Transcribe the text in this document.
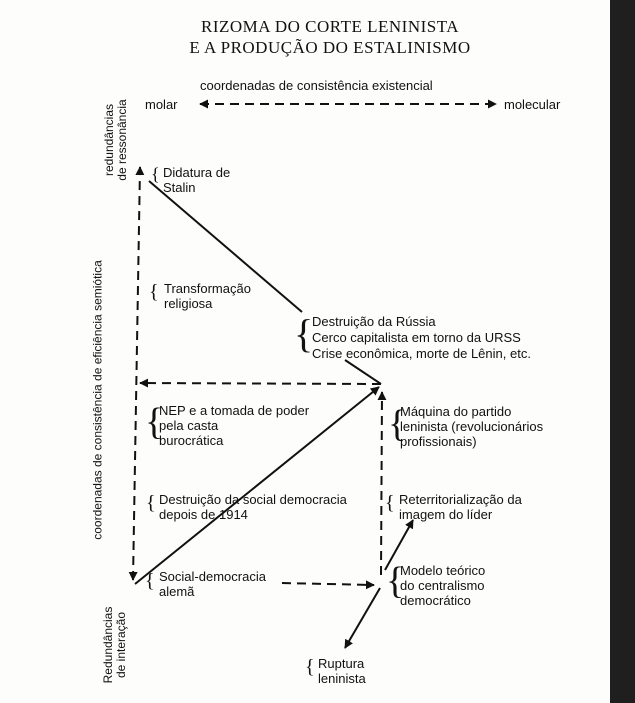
RIZOMA DO CORTE LENINISTA
E A PRODUÇÃO DO ESTALINISMO
coordenadas de consistência existencial
molar	molecular
coordenadas de consistência de eficiência semiótica
redundâncias de ressonância
Redundâncias de interação
{ Didatura de
Stalin
{ Transformação
religiosa
{
Destruição da Rússia
Cerco capitalista em torno da URSS
Crise econômica, morte de Lênin, etc.
{
NEP e a tomada de poder
pela casta
burocrática	{
Máquina do partido
leninista (revolucionários
profissionais)
{ Destruição da social democracia
depois de 1914
{ Reterritorialização da
imagem do líder
{ Social-democracia
alemã	{
Modelo teórico
do centralismo
democrático
{ Ruptura
leninista
